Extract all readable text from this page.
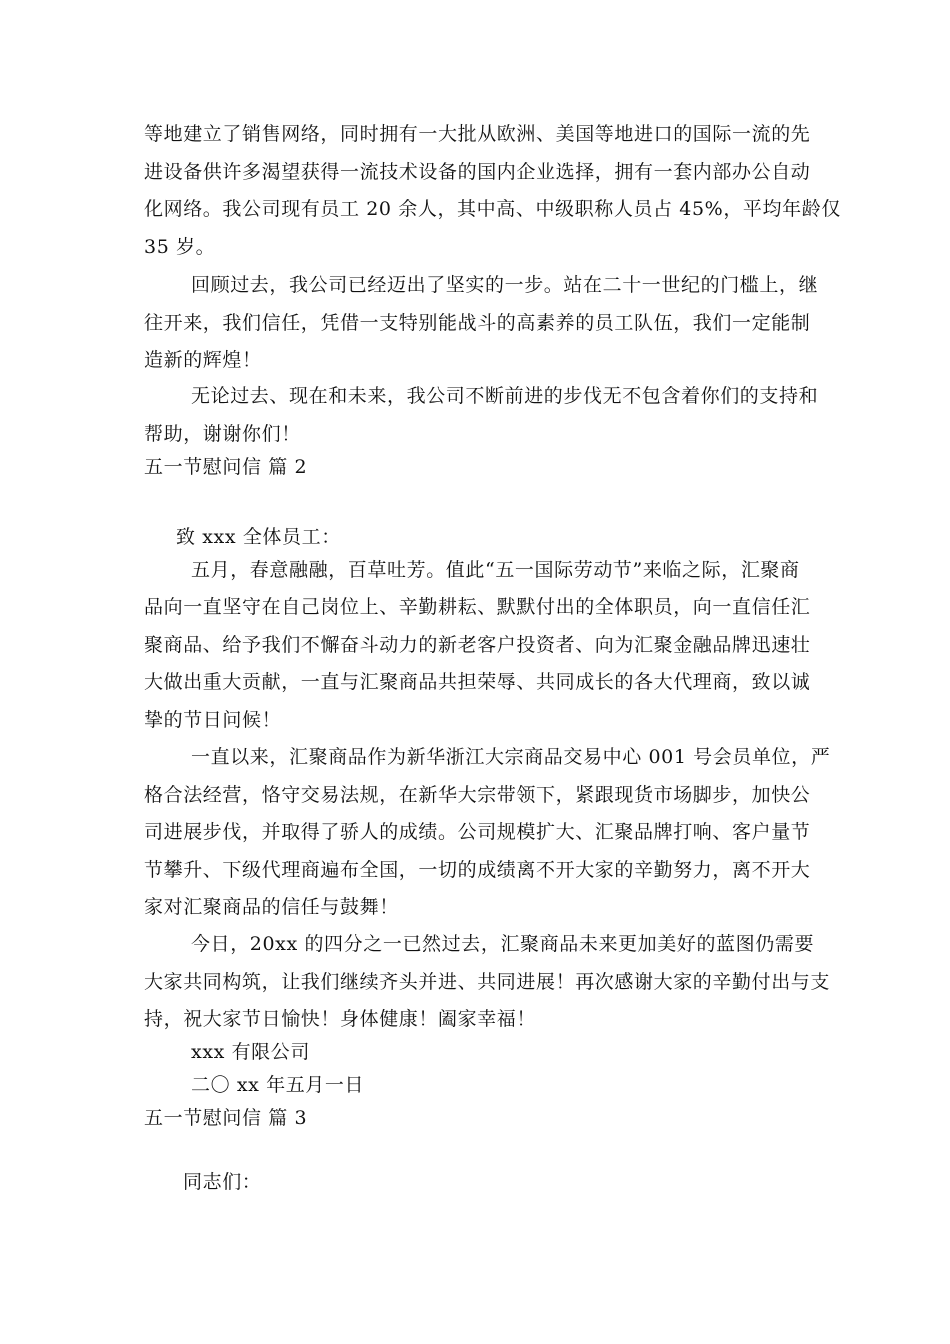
等地建立了销售网络，同时拥有一大批从欧洲、美国等地进口的国际一流的先
进设备供许多渴望获得一流技术设备的国内企业选择，拥有一套内部办公自动
化网络。我公司现有员工 20 余人，其中高、中级职称人员占 45%，平均年龄仅
35 岁。
回顾过去，我公司已经迈出了坚实的一步。站在二十一世纪的门槛上，继
往开来，我们信任，凭借一支特别能战斗的高素养的员工队伍，我们一定能制
造新的辉煌！
无论过去、现在和未来，我公司不断前进的步伐无不包含着你们的支持和
帮助，谢谢你们！
五一节慰问信 篇 2
致 xxx 全体员工：
五月，春意融融，百草吐芳。值此“五一国际劳动节”来临之际，汇聚商
品向一直坚守在自己岗位上、辛勤耕耘、默默付出的全体职员，向一直信任汇
聚商品、给予我们不懈奋斗动力的新老客户投资者、向为汇聚金融品牌迅速壮
大做出重大贡献，一直与汇聚商品共担荣辱、共同成长的各大代理商，致以诚
挚的节日问候！
一直以来，汇聚商品作为新华浙江大宗商品交易中心 001 号会员单位，严
格合法经营，恪守交易法规，在新华大宗带领下，紧跟现货市场脚步，加快公
司进展步伐，并取得了骄人的成绩。公司规模扩大、汇聚品牌打响、客户量节
节攀升、下级代理商遍布全国，一切的成绩离不开大家的辛勤努力，离不开大
家对汇聚商品的信任与鼓舞！
今日，20xx 的四分之一已然过去，汇聚商品未来更加美好的蓝图仍需要
大家共同构筑，让我们继续齐头并进、共同进展！再次感谢大家的辛勤付出与支
持，祝大家节日愉快！身体健康！阖家幸福！
xxx 有限公司
二〇 xx 年五月一日
五一节慰问信 篇 3
同志们：
